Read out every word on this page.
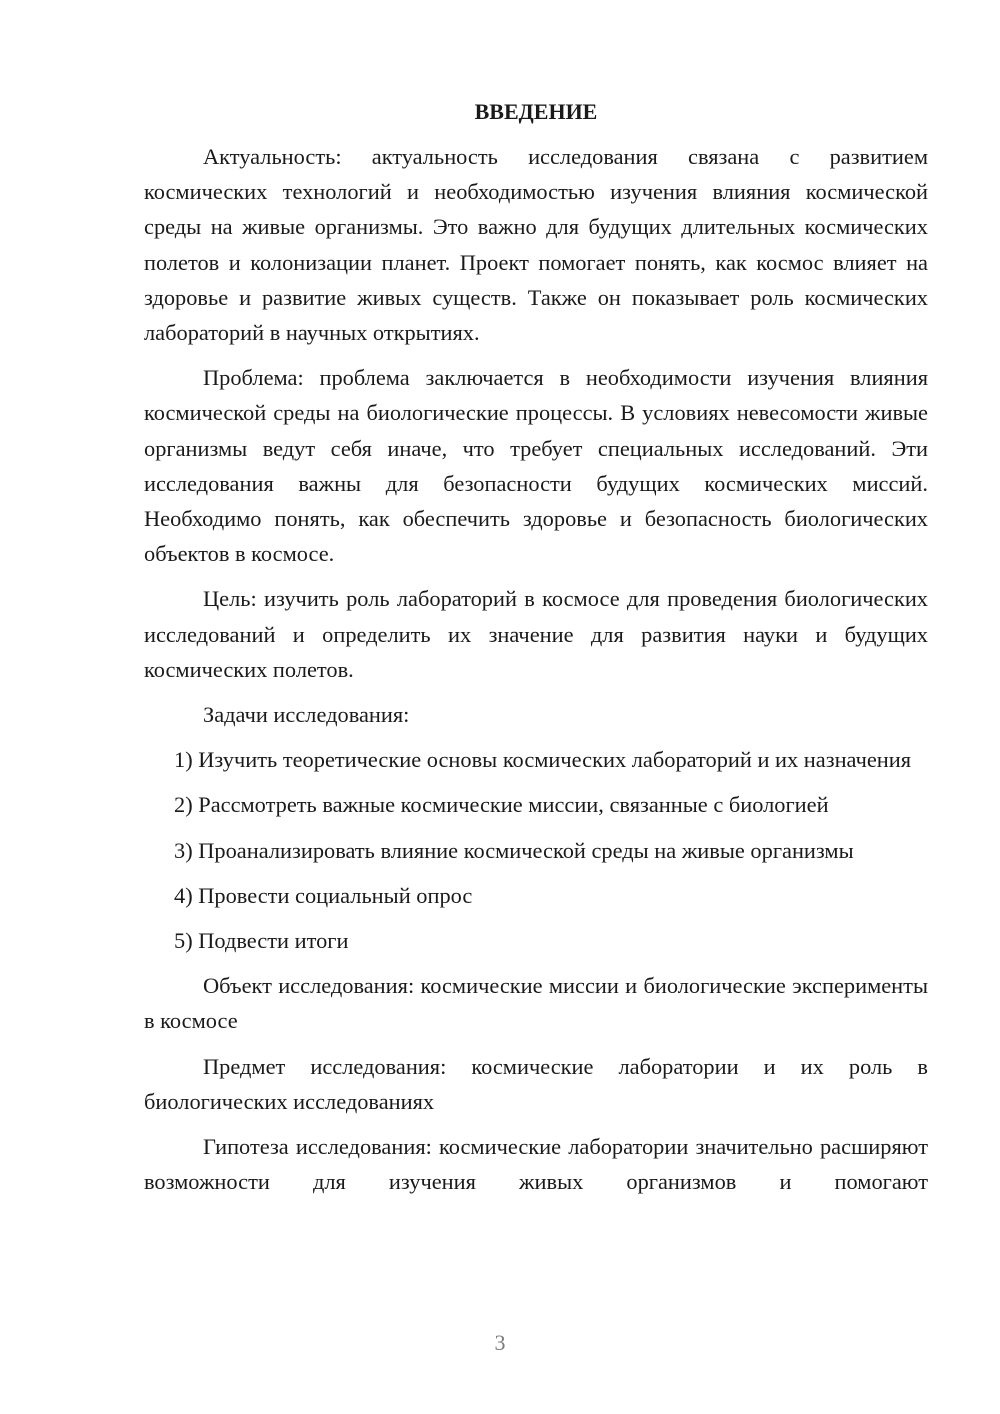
ВВЕДЕНИЕ

Актуальность: актуальность исследования связана с развитием космических технологий и необходимостью изучения влияния космической среды на живые организмы. Это важно для будущих длительных космических полетов и колонизации планет. Проект помогает понять, как космос влияет на здоровье и развитие живых существ. Также он показывает роль космических лабораторий в научных открытиях.

Проблема: проблема заключается в необходимости изучения влияния космической среды на биологические процессы. В условиях невесомости живые организмы ведут себя иначе, что требует специальных исследований. Эти исследования важны для безопасности будущих космических миссий. Необходимо понять, как обеспечить здоровье и безопасность биологических объектов в космосе.

Цель: изучить роль лабораторий в космосе для проведения биологических исследований и определить их значение для развития науки и будущих космических полетов.

Задачи исследования:

1) Изучить теоретические основы космических лабораторий и их назначения

2) Рассмотреть важные космические миссии, связанные с биологией

3) Проанализировать влияние космической среды на живые организмы

4) Провести социальный опрос

5) Подвести итоги

Объект исследования: космические миссии и биологические эксперименты в космосе

Предмет исследования: космические лаборатории и их роль в биологических исследованиях

Гипотеза исследования: космические лаборатории значительно расширяют возможности для изучения живых организмов и помогают

3
